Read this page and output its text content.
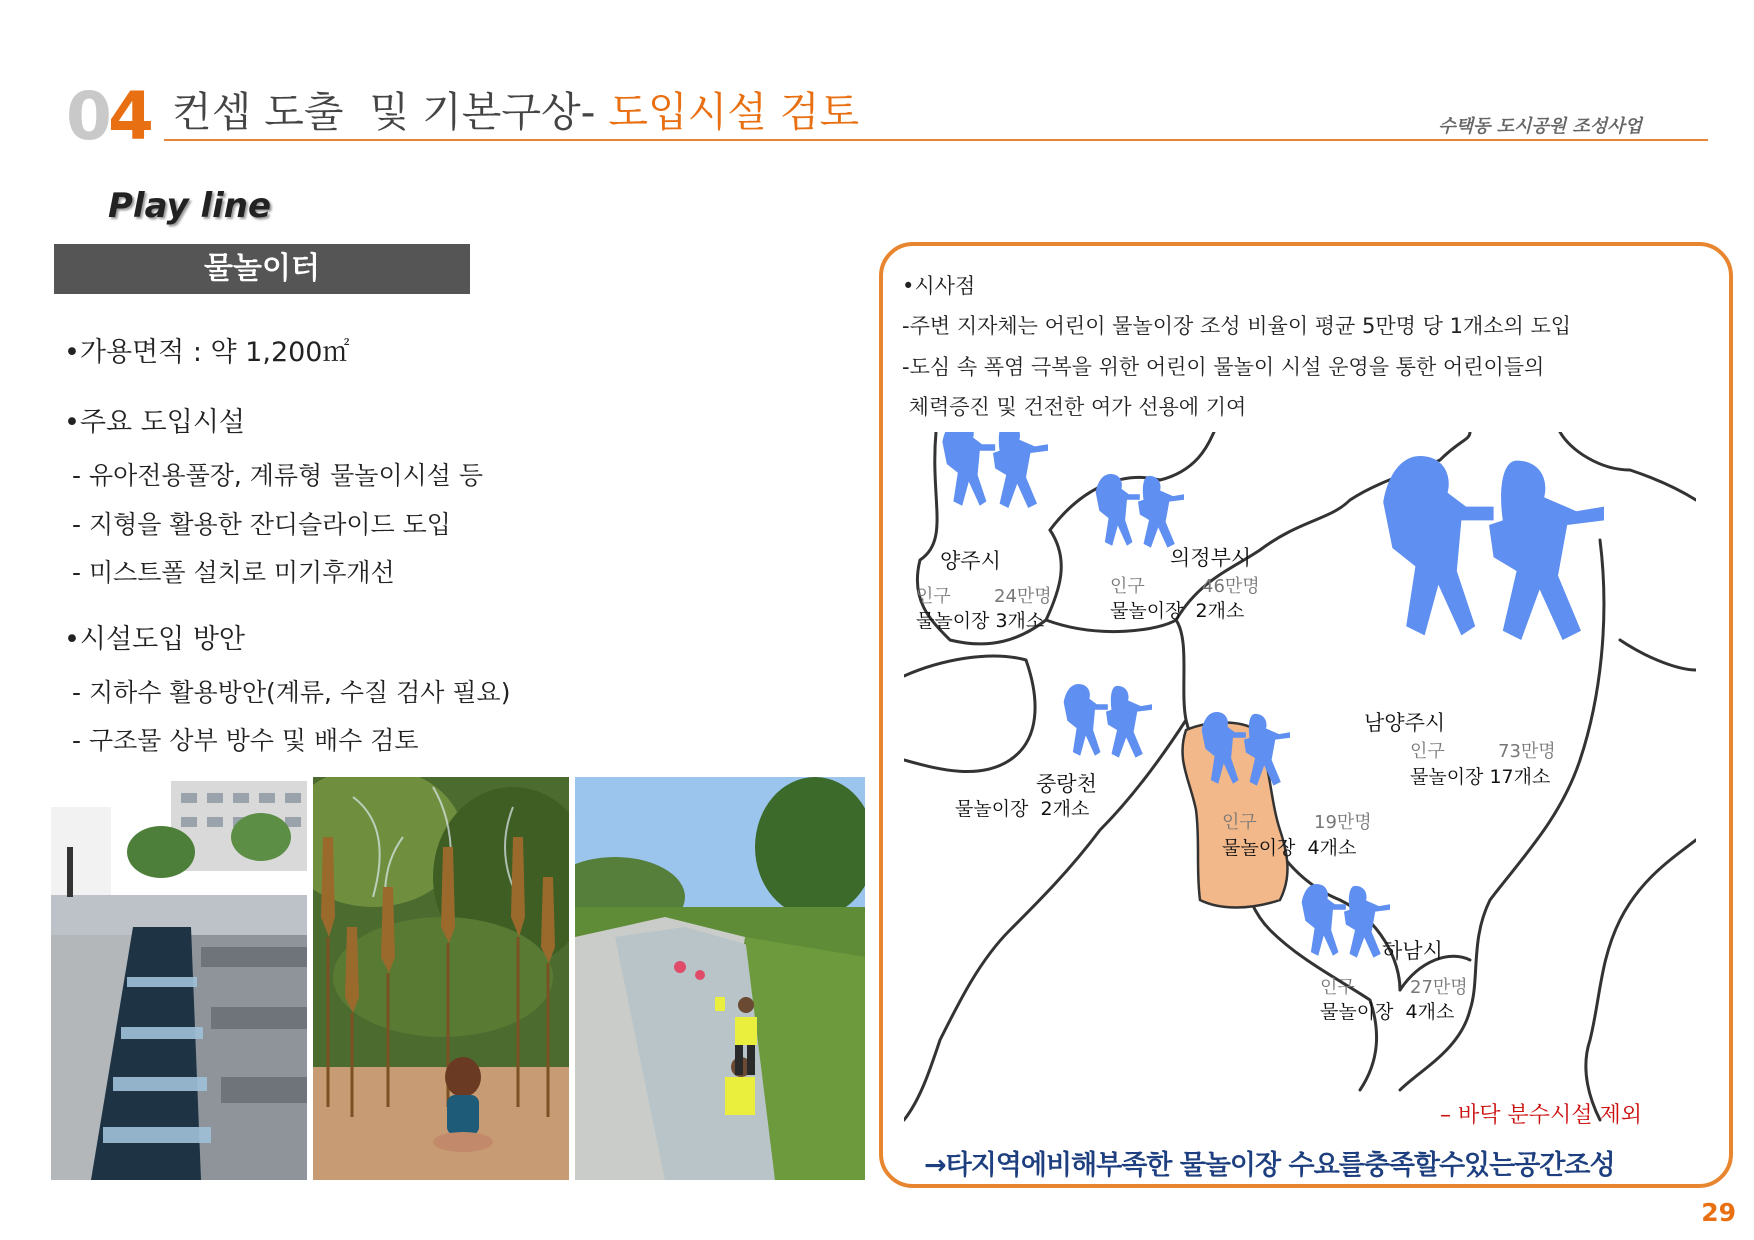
04 컨셉 도출  및 기본구상- 도입시설 검토	수택동 도시공원 조성사업
Play line
물놀이터
•가용면적 : 약 1,200㎡
•주요 도입시설
- 유아전용풀장, 계류형 물놀이시설 등
- 지형을 활용한 잔디슬라이드 도입
- 미스트폴 설치로 미기후개선
•시설도입 방안
- 지하수 활용방안(계류, 수질 검사 필요)
- 구조물 상부 방수 및 배수 검토
•시사점
-주변 지자체는 어린이 물놀이장 조성 비율이 평균 5만명 당 1개소의 도입
-도심 속 폭염 극복을 위한 어린이 물놀이 시설 운영을 통한 어린이들의
체력증진 및 건전한 여가 선용에 기여
양주시
인구 24만명
물놀이장 3개소
의정부시
인구	46만명
물놀이장  2개소
남양주시
인구	73만명
물놀이장 17개소
중랑천
물놀이장  2개소
인구	19만명
물놀이장  4개소
하남시
인구	27만명
물놀이장  4개소
– 바닥 분수시설 제외
→타지역에비해부족한 물놀이장 수요를충족할수있는공간조성
29
